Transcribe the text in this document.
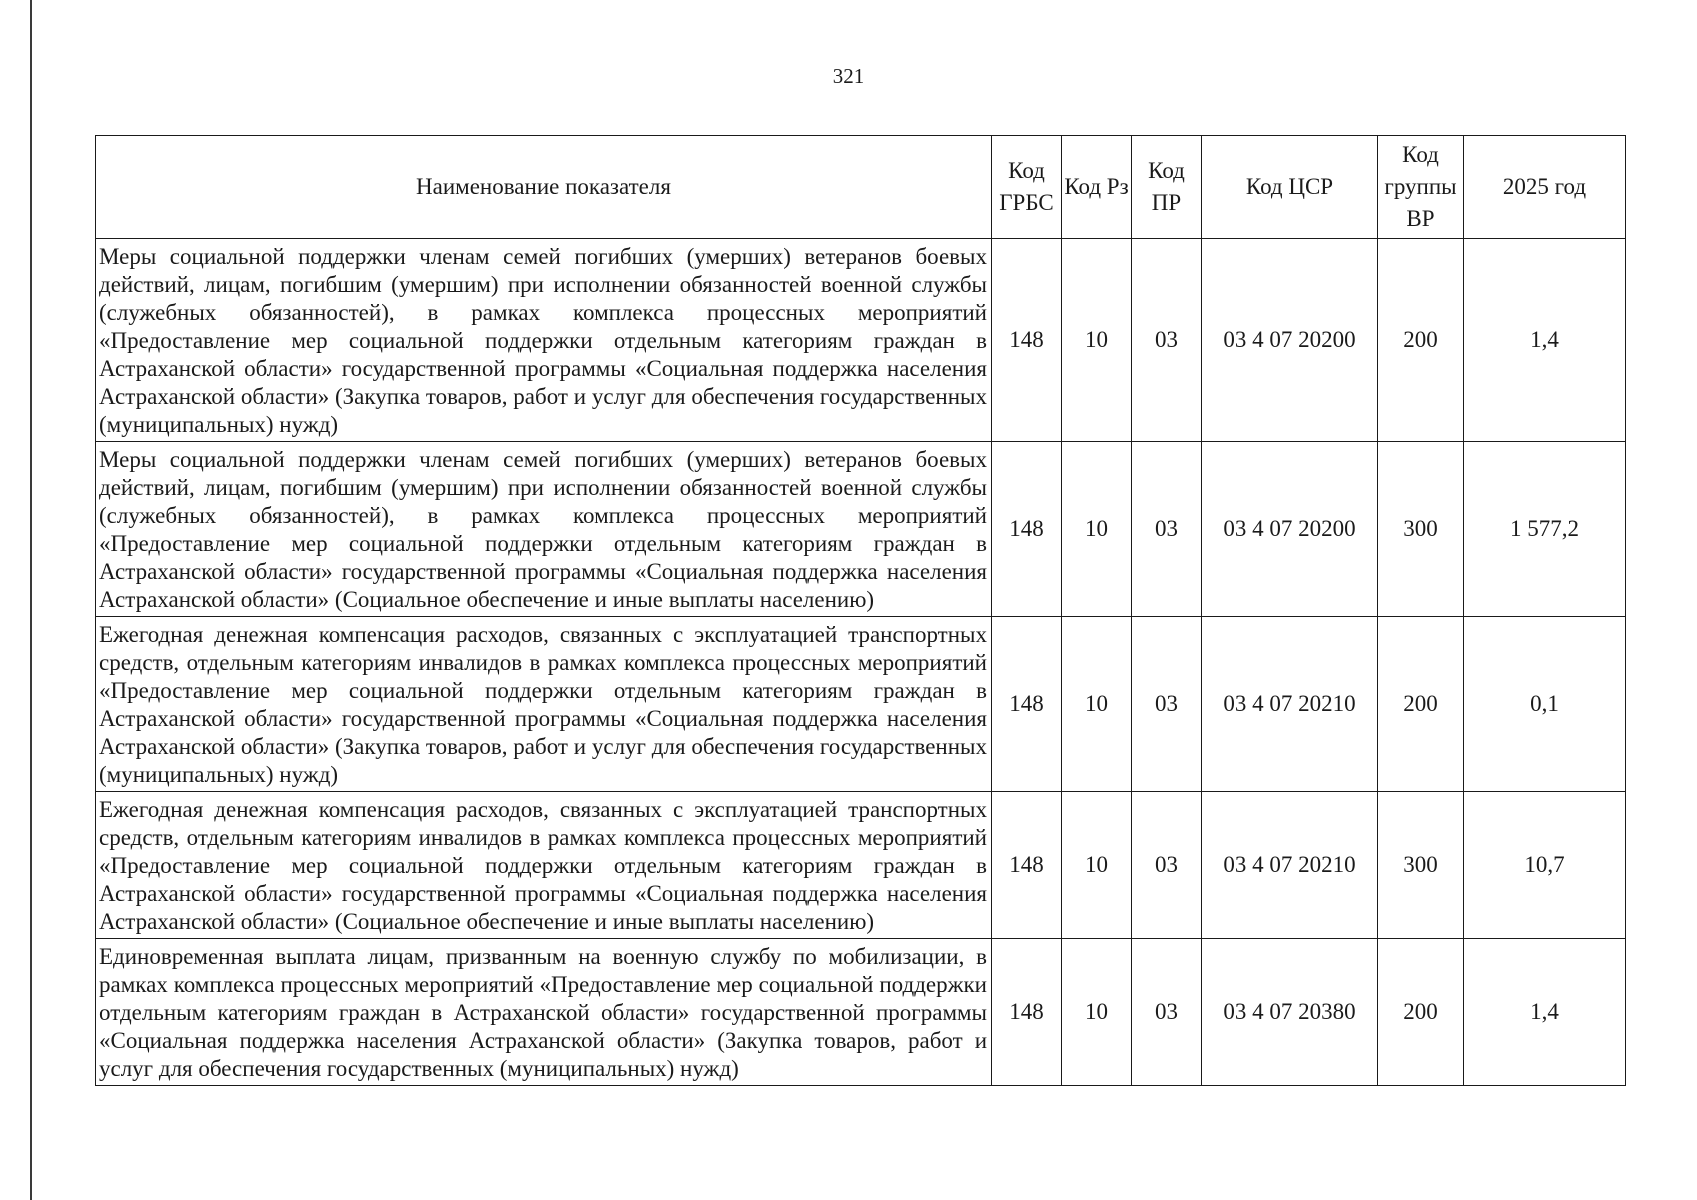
321
Наименование показателя	Код ГРБС	Код Рз	Код ПР	Код ЦСР	Код группы ВР	2025 год
Меры социальной поддержки членам семей погибших (умерших) ветеранов боевых действий, лицам, погибшим (умершим) при исполнении обязанностей военной службы (служебных обязанностей), в рамках комплекса процессных мероприятий «Предоставление мер социальной поддержки отдельным категориям граждан в Астраханской области» государственной программы «Социальная поддержка населения Астраханской области» (Закупка товаров, работ и услуг для обеспечения государственных (муниципальных) нужд)	148	10	03	03 4 07 20200	200	1,4
Меры социальной поддержки членам семей погибших (умерших) ветеранов боевых действий, лицам, погибшим (умершим) при исполнении обязанностей военной службы (служебных обязанностей), в рамках комплекса процессных мероприятий «Предоставление мер социальной поддержки отдельным категориям граждан в Астраханской области» государственной программы «Социальная поддержка населения Астраханской области» (Социальное обеспечение и иные выплаты населению)	148	10	03	03 4 07 20200	300	1 577,2
Ежегодная денежная компенсация расходов, связанных с эксплуатацией транспортных средств, отдельным категориям инвалидов в рамках комплекса процессных мероприятий «Предоставление мер социальной поддержки отдельным категориям граждан в Астраханской области» государственной программы «Социальная поддержка населения Астраханской области» (Закупка товаров, работ и услуг для обеспечения государственных (муниципальных) нужд)	148	10	03	03 4 07 20210	200	0,1
Ежегодная денежная компенсация расходов, связанных с эксплуатацией транспортных средств, отдельным категориям инвалидов в рамках комплекса процессных мероприятий «Предоставление мер социальной поддержки отдельным категориям граждан в Астраханской области» государственной программы «Социальная поддержка населения Астраханской области» (Социальное обеспечение и иные выплаты населению)	148	10	03	03 4 07 20210	300	10,7
Единовременная выплата лицам, призванным на военную службу по мобилизации, в рамках комплекса процессных мероприятий «Предоставление мер социальной поддержки отдельным категориям граждан в Астраханской области» государственной программы «Социальная поддержка населения Астраханской области» (Закупка товаров, работ и услуг для обеспечения государственных (муниципальных) нужд)	148	10	03	03 4 07 20380	200	1,4
